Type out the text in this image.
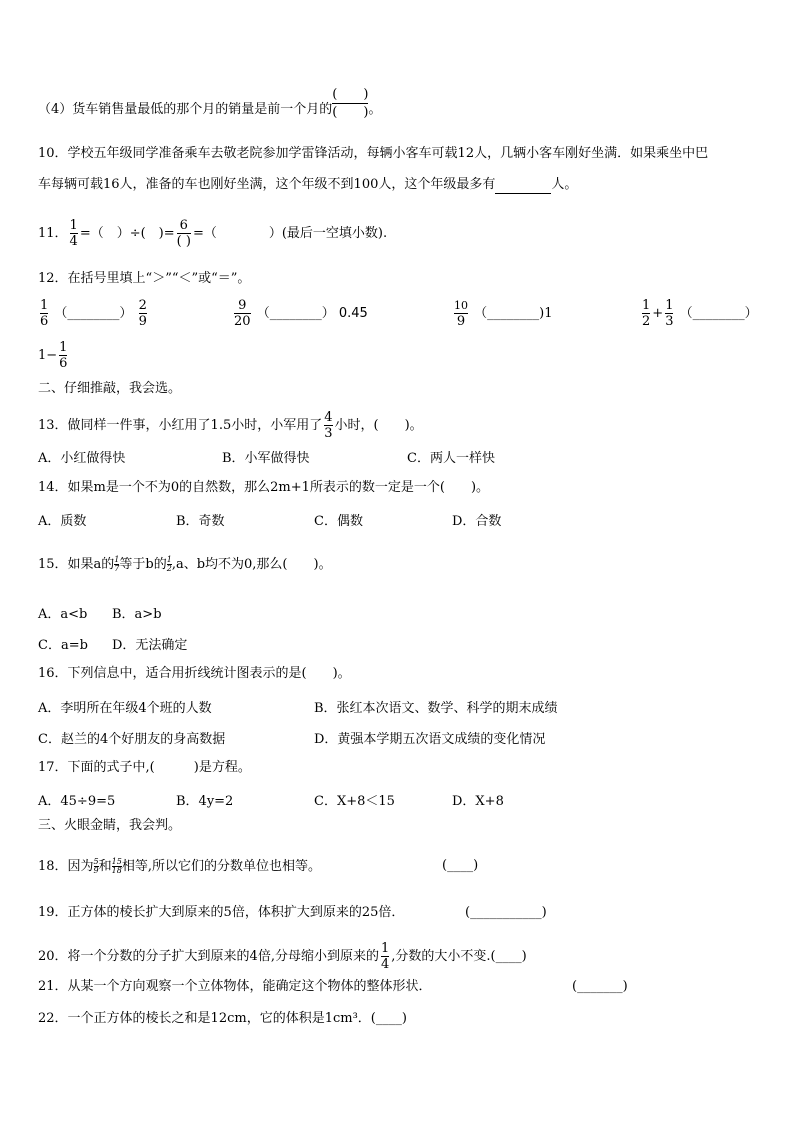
（4）货车销售量最低的那个月的销量是前一个月的
(　　)
(　　) 。
10．学校五年级同学准备乘车去敬老院参加学雷锋活动，每辆小客车可载12人，几辆小客车刚好坐满．如果乘坐中巴
车每辆可载16人，准备的车也刚好坐满，这个年级不到100人，这个年级最多有	人。
11． $\frac{1}{4}$ =（　）÷(　)= $\frac{6}{( )}$ =（　　　　）(最后一空填小数).
12．在括号里填上“＞”“＜”或“＝”。
$\frac{1}{6}$ （________） $\frac{2}{9}$	$\frac{9}{20}$ （________） 0.45	$\frac{10}{9}$ （________)1	$\frac{1}{2} + \frac{1}{3}$ （________）
$1- \frac{1}{6}$
二、仔细推敲，我会选。
13．做同样一件事，小红用了1.5小时，小军用了 $\frac{4}{3}$ 小时，(　　)。
A．小红做得快	B．小军做得快	C．两人一样快
14．如果m是一个不为0的自然数，那么2m+1所表示的数一定是一个(　　)。
A．质数	B．奇数	C．偶数	D．合数
15．如果a的 $\frac{1}{7}$ 等于b的 $\frac{1}{2} ,a$、b均不为0,那么(　　)。
A．a<b B．a>b
C．a=b D．无法确定
16．下列信息中，适合用折线统计图表示的是(　　)。
A．李明所在年级4个班的人数	B．张红本次语文、数学、科学的期末成绩
C．赵兰的4个好朋友的身高数据	D．黄强本学期五次语文成绩的变化情况
17．下面的式子中,(　　　)是方程。
A．45÷9=5	B．4y=2	C．X+8＜15	D．X+8
三、火眼金睛，我会判。
18．因为 $\frac{5}{9}$ 和 $\frac{15}{18}$ 相等,所以它们的分数单位也相等。	(____)
19．正方体的棱长扩大到原来的5倍，体积扩大到原来的25倍．	(___________)
20．将一个分数的分子扩大到原来的4倍,分母缩小到原来的 $\frac{1}{4}$ ,分数的大小不变.(____)
21．从某一个方向观察一个立体物体，能确定这个物体的整体形状．	(_______)
22．一个正方体的棱长之和是12cm，它的体积是1cm³．(____)
